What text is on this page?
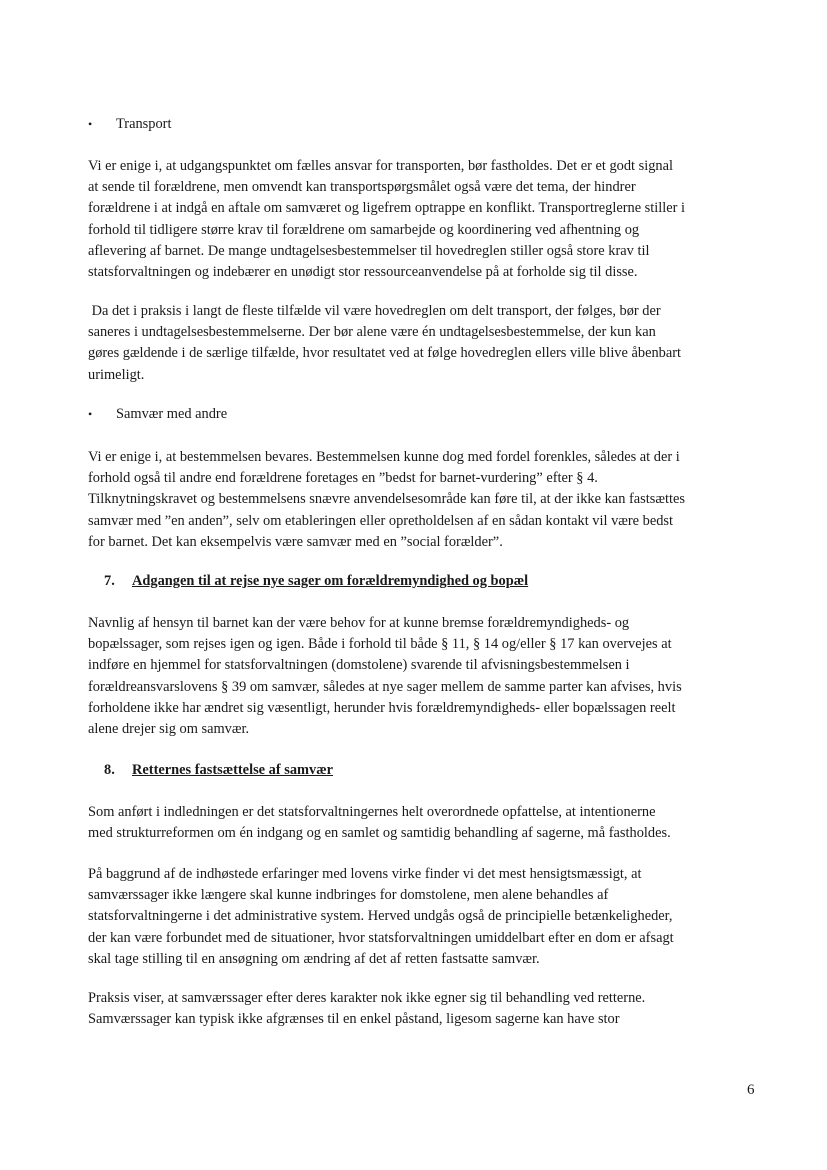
•	Transport
Vi er enige i, at udgangspunktet om fælles ansvar for transporten, bør fastholdes. Det er et godt signal
at sende til forældrene, men omvendt kan transportspørgsmålet også være det tema, der hindrer
forældrene i at indgå en aftale om samværet og ligefrem optrappe en konflikt. Transportreglerne stiller i
forhold til tidligere større krav til forældrene om samarbejde og koordinering ved afhentning og
aflevering af barnet. De mange undtagelsesbestemmelser til hovedreglen stiller også store krav til
statsforvaltningen og indebærer en unødigt stor ressourceanvendelse på at forholde sig til disse.
Da det i praksis i langt de fleste tilfælde vil være hovedreglen om delt transport, der følges, bør der
saneres i undtagelsesbestemmelserne. Der bør alene være én undtagelsesbestemmelse, der kun kan
gøres gældende i de særlige tilfælde, hvor resultatet ved at følge hovedreglen ellers ville blive åbenbart
urimeligt.
•	Samvær med andre
Vi er enige i, at bestemmelsen bevares. Bestemmelsen kunne dog med fordel forenkles, således at der i
forhold også til andre end forældrene foretages en ”bedst for barnet-vurdering” efter § 4.
Tilknytningskravet og bestemmelsens snævre anvendelsesområde kan føre til, at der ikke kan fastsættes
samvær med ”en anden”, selv om etableringen eller opretholdelsen af en sådan kontakt vil være bedst
for barnet. Det kan eksempelvis være samvær med en ”social forælder”.
7.	Adgangen til at rejse nye sager om forældremyndighed og bopæl
Navnlig af hensyn til barnet kan der være behov for at kunne bremse forældremyndigheds- og
bopælssager, som rejses igen og igen. Både i forhold til både § 11, § 14 og/eller § 17 kan overvejes at
indføre en hjemmel for statsforvaltningen (domstolene) svarende til afvisningsbestemmelsen i
forældreansvarslovens § 39 om samvær, således at nye sager mellem de samme parter kan afvises, hvis
forholdene ikke har ændret sig væsentligt, herunder hvis forældremyndigheds- eller bopælssagen reelt
alene drejer sig om samvær.
8.	Retternes fastsættelse af samvær
Som anført i indledningen er det statsforvaltningernes helt overordnede opfattelse, at intentionerne
med strukturreformen om én indgang og en samlet og samtidig behandling af sagerne, må fastholdes.
På baggrund af de indhøstede erfaringer med lovens virke finder vi det mest hensigtsmæssigt, at
samværssager ikke længere skal kunne indbringes for domstolene, men alene behandles af
statsforvaltningerne i det administrative system. Herved undgås også de principielle betænkeligheder,
der kan være forbundet med de situationer, hvor statsforvaltningen umiddelbart efter en dom er afsagt
skal tage stilling til en ansøgning om ændring af det af retten fastsatte samvær.
Praksis viser, at samværssager efter deres karakter nok ikke egner sig til behandling ved retterne.
Samværssager kan typisk ikke afgrænses til en enkel påstand, ligesom sagerne kan have stor
6
